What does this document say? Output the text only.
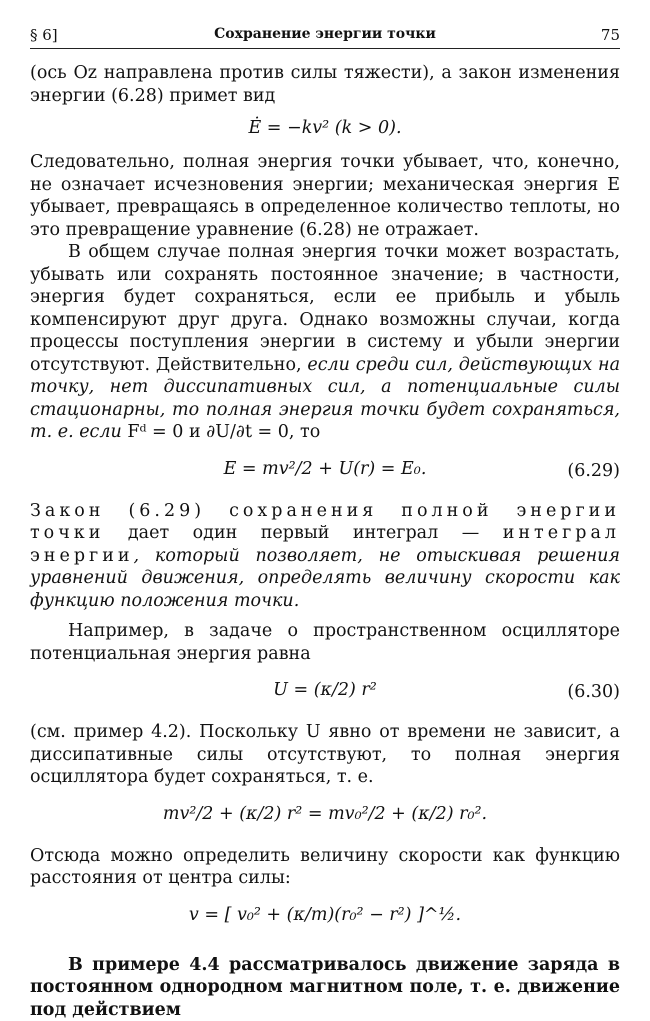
§ 6]	Сохранение энергии точки	75

(ось Oz направлена против силы тяжести), а закон изменения энергии (6.28) примет вид

Ė = −kv² (k > 0).

Следовательно, полная энергия точки убывает, что, конечно, не означает исчезновения энергии; механическая энергия E убывает, превращаясь в определенное количество теплоты, но это превращение уравнение (6.28) не отражает.

В общем случае полная энергия точки может возрастать, убывать или сохранять постоянное значение; в частности, энергия будет сохраняться, если ее прибыль и убыль компенсируют друг друга. Однако возможны случаи, когда процессы поступления энергии в систему и убыли энергии отсутствуют. Действительно, если среди сил, действующих на точку, нет диссипативных сил, а потенциальные силы стационарны, то полная энергия точки будет сохраняться, т. е. если Fᵈ = 0 и ∂U/∂t = 0, то

E = mv²/2 + U(r) = E₀.	(6.29)

Закон (6.29) сохранения полной энергии точки дает один первый интеграл — интеграл энергии, который позволяет, не отыскивая решения уравнений движения, определять величину скорости как функцию положения точки.

Например, в задаче о пространственном осцилляторе потенциальная энергия равна

U = (κ/2) r²	(6.30)

(см. пример 4.2). Поскольку U явно от времени не зависит, а диссипативные силы отсутствуют, то полная энергия осциллятора будет сохраняться, т. е.

mv²/2 + (κ/2) r² = mv₀²/2 + (κ/2) r₀².

Отсюда можно определить величину скорости как функцию расстояния от центра силы:

v = [ v₀² + (κ/m)(r₀² − r²) ]^½.

В примере 4.4 рассматривалось движение заряда в постоянном однородном магнитном поле, т. е. движение под действием
